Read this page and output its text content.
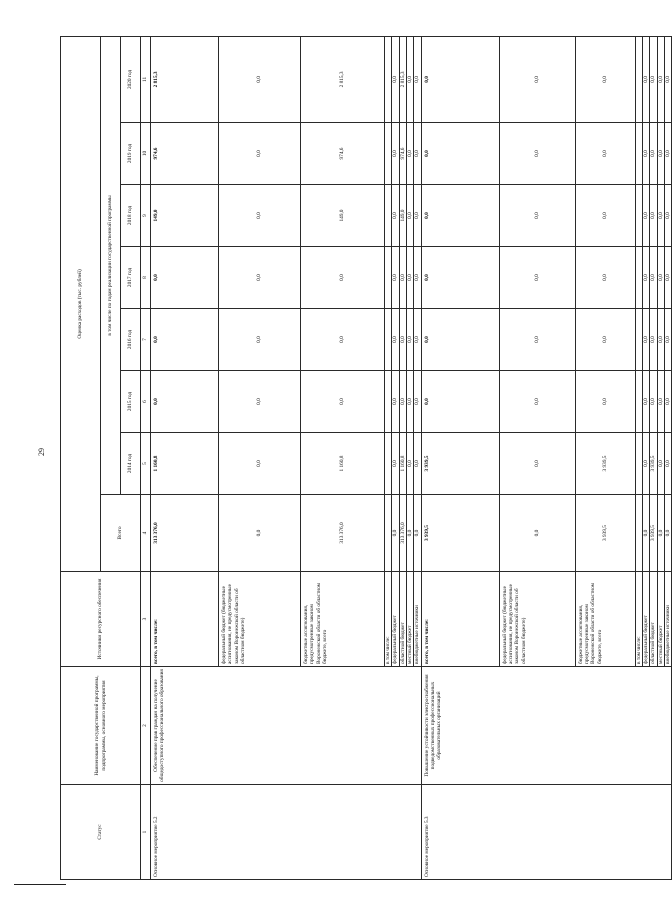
29
Статус	Наименование государственной программы, подпрограммы, основного мероприятия	Источники ресурсного обеспечения	Оценка расходов (тыс. рублей)							
			Всего	в том числе по годам реализации государственной программы						
				2014 год	2015 год	2016 год	2017 год	2018 год	2019 год	2020 год
1	2	3	4	5	6	7	8	9	10	11
Основное мероприятие 5.2	Обеспечение прав граждан на получение общедоступного профессионального образования	всего, в том числе:	313 376,0	1 160,8	0,0	0,0	0,0	149,0	974,6	2 815,3
		федеральный бюджет (бюджетные ассигнования, не предусмотренные законом Воронежской области об областном бюджете)	0,0	0,0	0,0	0,0	0,0	0,0	0,0	0,0
		бюджетные ассигнования, предусмотренные законом Воронежской области об областном бюджете, всего	313 376,0	1 160,8	0,0	0,0	0,0	149,0	974,6	2 815,3
		в том числе:								
		федеральный бюджет	0,0	0,0	0,0	0,0	0,0	0,0	0,0	0,0
		областной бюджет	313 376,0	1 160,8	0,0	0,0	0,0	149,0	974,6	2 815,3
		местный бюджет	0,0	0,0	0,0	0,0	0,0	0,0	0,0	0,0
		внебюджетные источники	0,0	0,0	0,0	0,0	0,0	0,0	0,0	0,0
Основное мероприятие 5.3	Повышение устойчивости электроснабжения подведомственных профессиональных образовательных организаций	всего, в том числе:	3 939,5	3 939,5	0,0	0,0	0,0	0,0	0,0	0,0
		федеральный бюджет (бюджетные ассигнования, не предусмотренные законом Воронежской области об областном бюджете)	0,0	0,0	0,0	0,0	0,0	0,0	0,0	0,0
		бюджетные ассигнования, предусмотренные законом Воронежской области об областном бюджете, всего	3 939,5	3 939,5	0,0	0,0	0,0	0,0	0,0	0,0
		в том числе:								
		федеральный бюджет	0,0	0,0	0,0	0,0	0,0	0,0	0,0	0,0
		областной бюджет	3 939,5	3 939,5	0,0	0,0	0,0	0,0	0,0	0,0
		местный бюджет	0,0	0,0	0,0	0,0	0,0	0,0	0,0	0,0
		внебюджетные источники	0,0	0,0	0,0	0,0	0,0	0,0	0,0	0,0
